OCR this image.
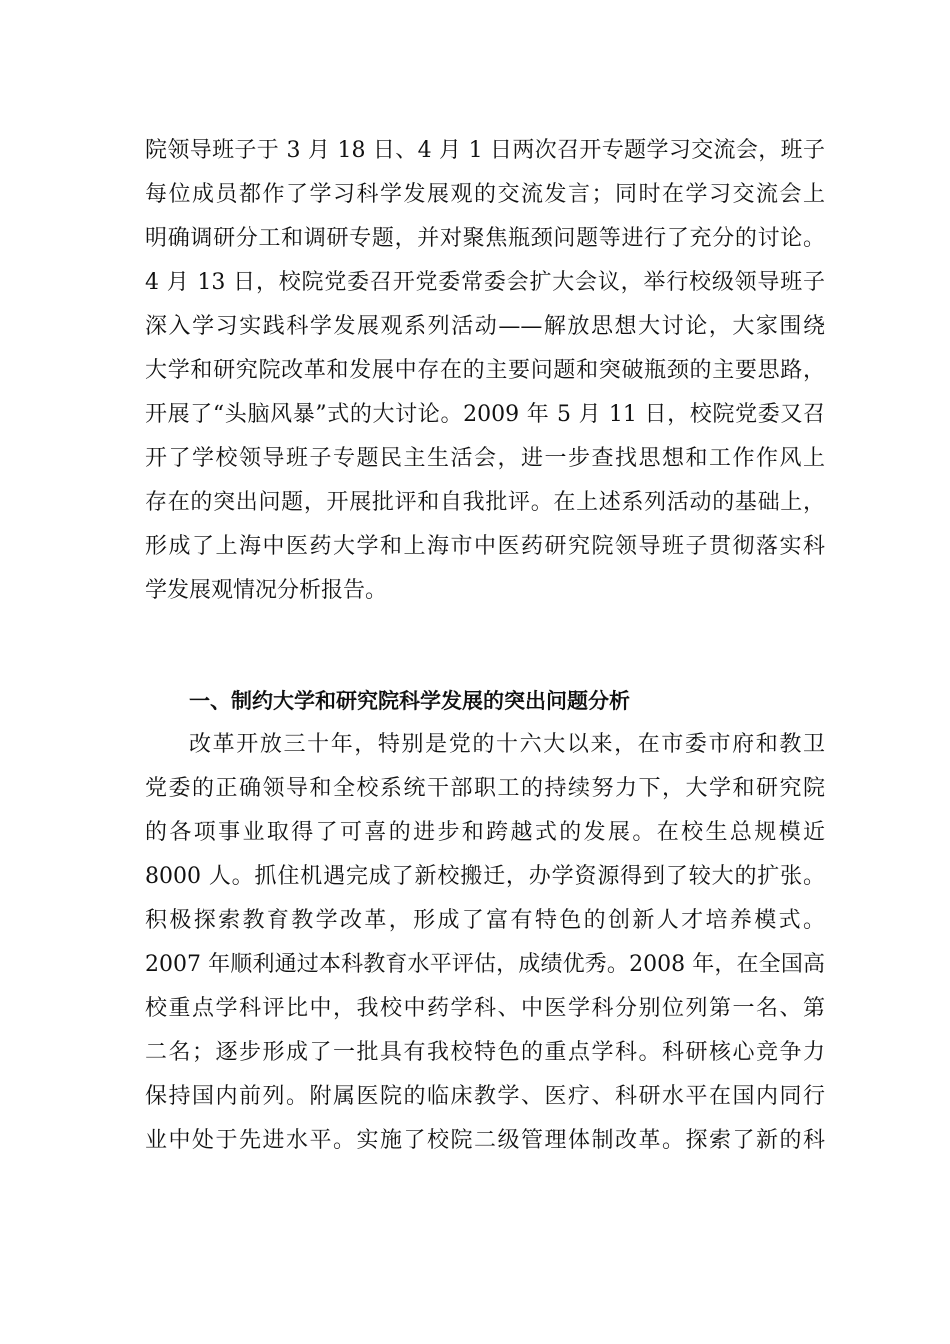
院领导班子于 3 月 18 日、4 月 1 日两次召开专题学习交流会，班子
每位成员都作了学习科学发展观的交流发言；同时在学习交流会上
明确调研分工和调研专题，并对聚焦瓶颈问题等进行了充分的讨论。
4 月 13 日，校院党委召开党委常委会扩大会议，举行校级领导班子
深入学习实践科学发展观系列活动——解放思想大讨论，大家围绕
大学和研究院改革和发展中存在的主要问题和突破瓶颈的主要思路，
开展了“头脑风暴”式的大讨论。2009 年 5 月 11 日，校院党委又召
开了学校领导班子专题民主生活会，进一步查找思想和工作作风上
存在的突出问题，开展批评和自我批评。在上述系列活动的基础上，
形成了上海中医药大学和上海市中医药研究院领导班子贯彻落实科
学发展观情况分析报告。
一、制约大学和研究院科学发展的突出问题分析
改革开放三十年，特别是党的十六大以来，在市委市府和教卫
党委的正确领导和全校系统干部职工的持续努力下，大学和研究院
的各项事业取得了可喜的进步和跨越式的发展。在校生总规模近
8000 人。抓住机遇完成了新校搬迁，办学资源得到了较大的扩张。
积极探索教育教学改革，形成了富有特色的创新人才培养模式。
2007 年顺利通过本科教育水平评估，成绩优秀。2008 年，在全国高
校重点学科评比中，我校中药学科、中医学科分别位列第一名、第
二名；逐步形成了一批具有我校特色的重点学科。科研核心竞争力
保持国内前列。附属医院的临床教学、医疗、科研水平在国内同行
业中处于先进水平。实施了校院二级管理体制改革。探索了新的科
